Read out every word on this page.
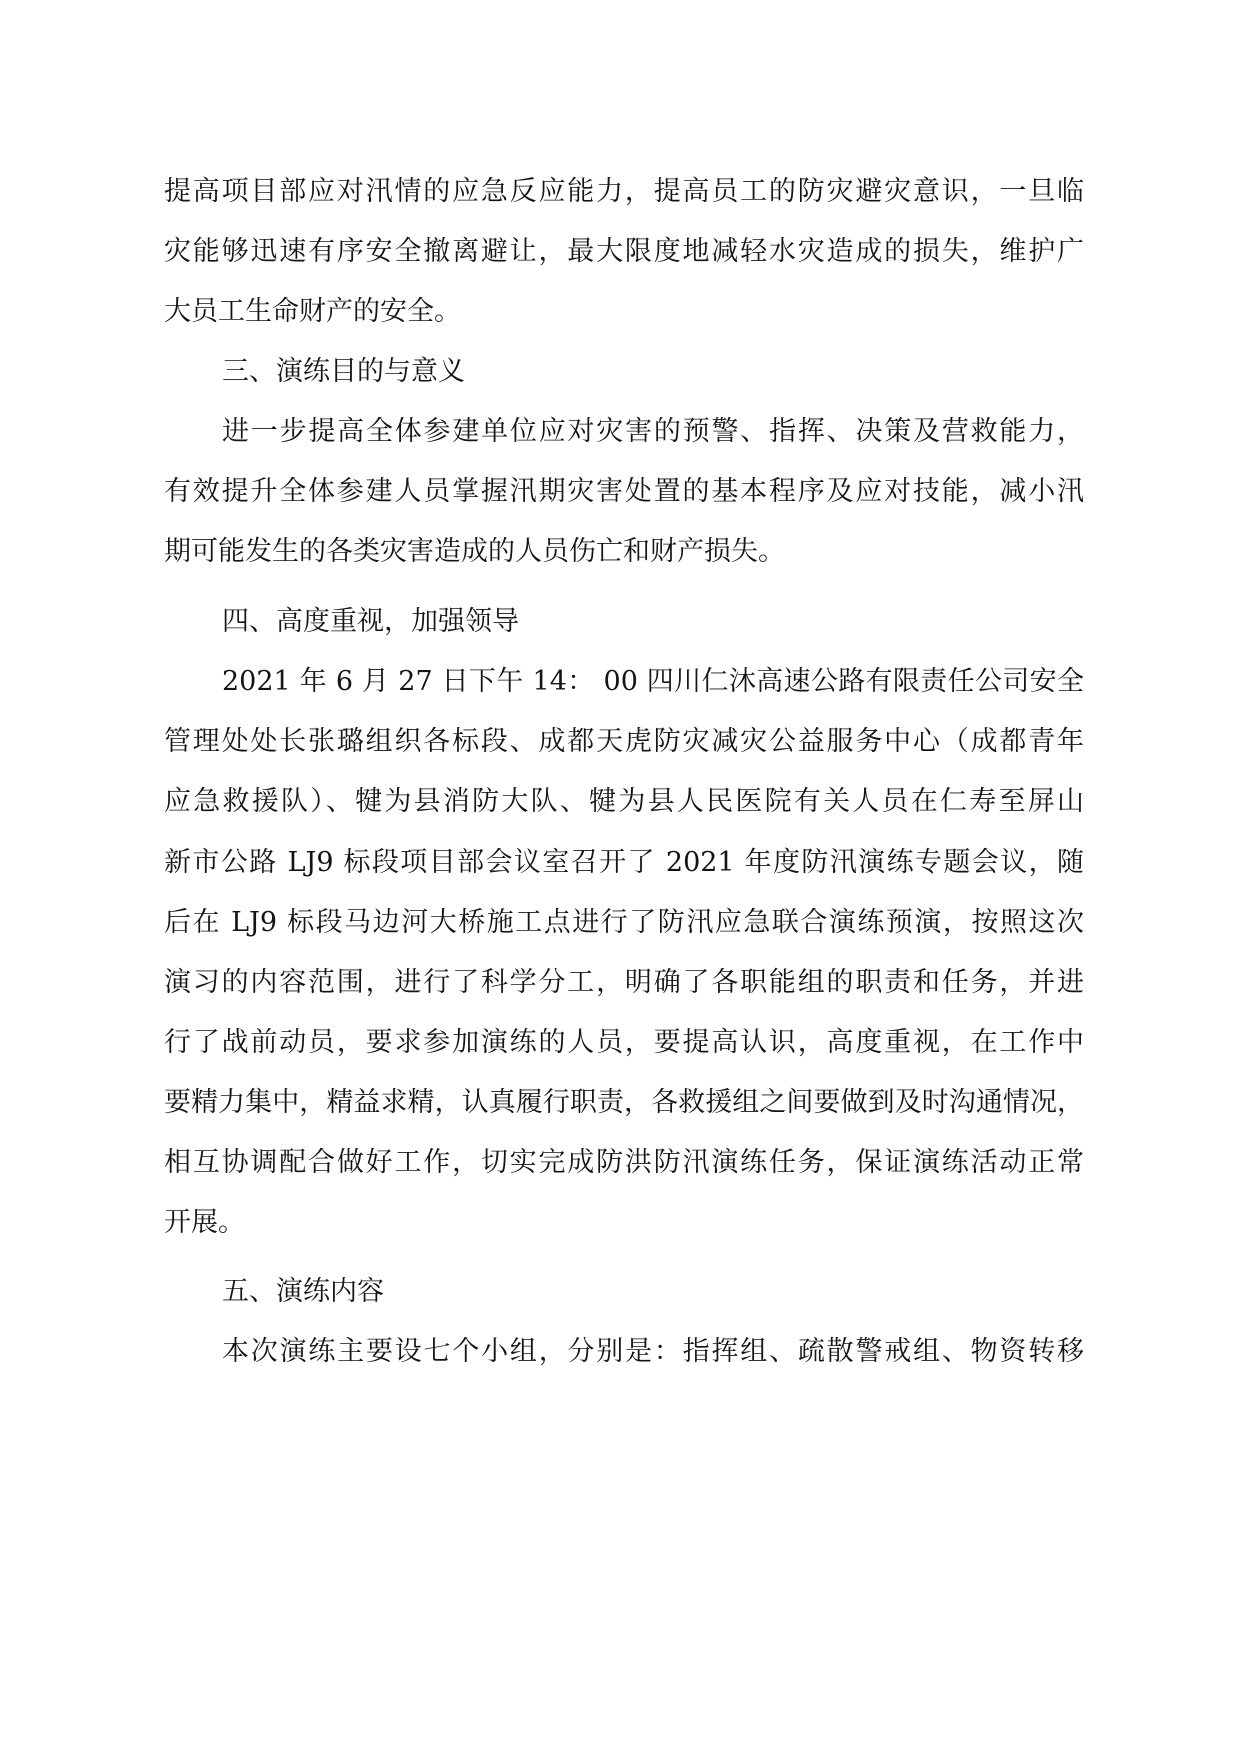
提高项目部应对汛情的应急反应能力，提高员工的防灾避灾意识，一旦临
灾能够迅速有序安全撤离避让，最大限度地减轻水灾造成的损失，维护广
大员工生命财产的安全。
三、演练目的与意义
进一步提高全体参建单位应对灾害的预警、指挥、决策及营救能力，
有效提升全体参建人员掌握汛期灾害处置的基本程序及应对技能，减小汛
期可能发生的各类灾害造成的人员伤亡和财产损失。
四、高度重视，加强领导
2021 年 6 月 27 日下午 14： 00 四川仁沐高速公路有限责任公司安全
管理处处长张璐组织各标段、成都天虎防灾减灾公益服务中心（成都青年
应急救援队）、犍为县消防大队、犍为县人民医院有关人员在仁寿至屏山
新市公路 LJ9 标段项目部会议室召开了 2021 年度防汛演练专题会议，随
后在 LJ9 标段马边河大桥施工点进行了防汛应急联合演练预演，按照这次
演习的内容范围，进行了科学分工，明确了各职能组的职责和任务，并进
行了战前动员，要求参加演练的人员，要提高认识，高度重视，在工作中
要精力集中，精益求精，认真履行职责，各救援组之间要做到及时沟通情况，
相互协调配合做好工作，切实完成防洪防汛演练任务，保证演练活动正常
开展。
五、演练内容
本次演练主要设七个小组，分别是：指挥组、疏散警戒组、物资转移
